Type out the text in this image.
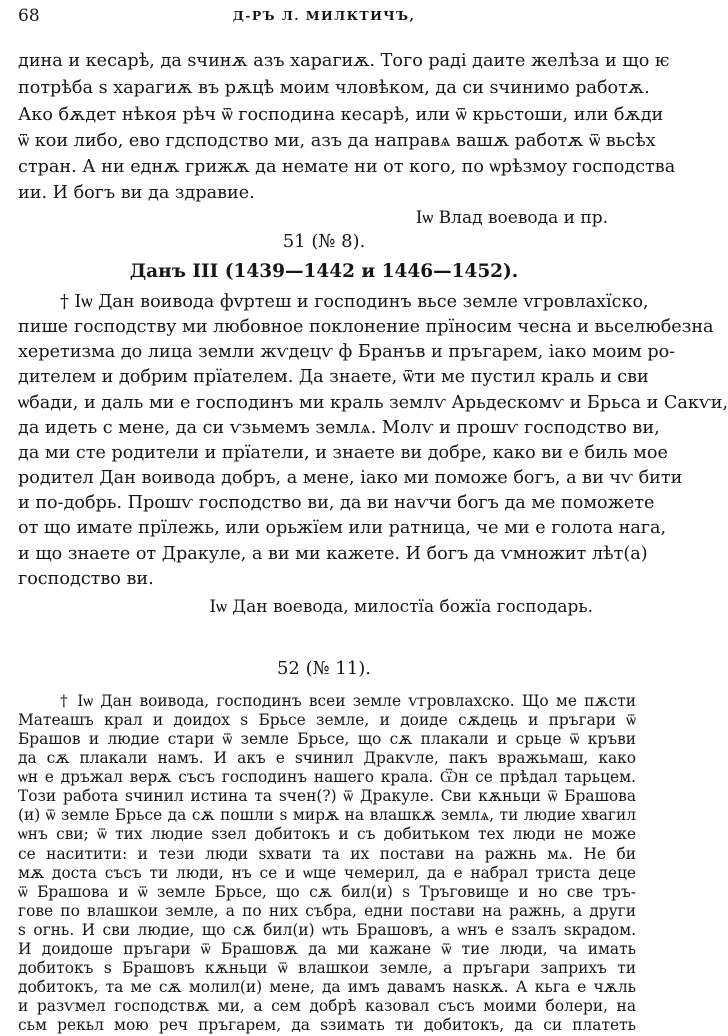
68	Д-РЪ Л. МИЛКТИЧЪ,
дина и кесарѣ, да ѕчинѫ азъ харагиѫ. Того раді даите желѣза и що ѥ
потрѣба ѕ харагиѫ въ рѫцѣ моим чловѣком, да си ѕчинимо работѫ.
Ако бѫдет нѣкоя рѣч ѿ господина кесарѣ, или ѿ крьстоши, или бѫди
ѿ кои либо, ево гдсподство ми, азъ да направѧ вашѫ работѫ ѿ вьсѣх
стран. А ни еднѫ грижѫ да немате ни от кого, по ѡрѣзмоу господства
ии. И богъ ви дa здравие.
Іѡ Влад воевода и пр.
51 (№ 8).
Данъ III (1439—1442 и 1446—1452).
† Іѡ Дан воивода фvртеш и господинъ вьсе земле vгровлахїско,
пише господству ми любовное поклонение прїносим чесна и вьселюбезна
херетизма до лица земли жѵдецѵ ф Бранъв и пръгарем, іако моим ро-
дителем и добрим прїателем. Да знаете, ѿти ме пустил краль и сви
ѡбади, и даль ми е господинъ ми краль землѵ Арьдескомѵ и Брьса и Сакѵи,
да идеть с мене, да си ѵзьмемъ землѧ. Молѵ и прошѵ господство ви,
да ми сте родители и прїатели, и знаете ви добре, како ви е биль мое
родител Дан воивода добръ, а мене, іако ми поможе богъ, а ви чѵ бити
и по-добрь. Прошѵ господство ви, да ви наѵчи богъ да ме поможете
от що имате прїлежь, или орьжїем или ратница, че ми е голота нага,
и що знаете от Дракуле, а ви ми кажете. И богъ да ѵмножит лѣт(а)
господство ви.
Іѡ Дан воевода, милостїа божїа господарь.
52 (№ 11).
† Іѡ Дан воивода, господинъ всеи земле ѵгровлахско. Що ме пѫсти
Матеашъ крал и доидох ѕ Брьсе земле, и доиде сѫдець и пръгари ѿ
Брашов и людие стари ѿ земле Брьсе, що сѫ плакали и срьце ѿ кръви
да сѫ плакали намъ. И акъ е ѕчинил Дракѵле, пакъ вражьмаш, како
ѡн е дръжал верѫ съсъ господинъ нашего крала. Ѿн се прѣдал тарьцем.
Този работа ѕчинил истина та ѕчен(?) ѿ Дракуле. Сви кѫньци ѿ Брашова
(и) ѿ земле Брьсе да сѫ пошли ѕ мирѫ на влашкѫ землѧ, ти людие хвагил
ѡнъ сви; ѿ тих людие ѕзел добитокъ и съ добитьком тех люди не може
се наситити: и тези люди ѕхвати та их постави на ражнь мѧ. Не би
мѫ доста съсъ ти люди, нъ се и ѡще чемерил, да е набрал триста деце
ѿ Брашова и ѿ земле Брьсе, що сѫ бил(и) ѕ Тръговище и но све тръ-
гове по влашкои земле, а по них събра, едни постави на ражнь, а други
ѕ огнь. И сви людие, що сѫ бил(и) ѡть Брашовъ, а ѡнъ е ѕзалъ ѕкрадом.
И доидоше пръгари ѿ Брашовѫ да ми кажане ѿ тие люди, ча имать
добитокъ ѕ Брашовъ кѫньци ѿ влашкои земле, а пръгари заприхъ ти
добитокъ, та ме сѫ молил(и) мене, да имъ давамъ наѕкѫ. А кьга е чѫль
и разѵмел господствѫ ми, а сем добрѣ казовал съсъ моими болери, на
сьм рекьл мою реч пръгарем, да ѕзимать ти добитокъ, да си платеть
